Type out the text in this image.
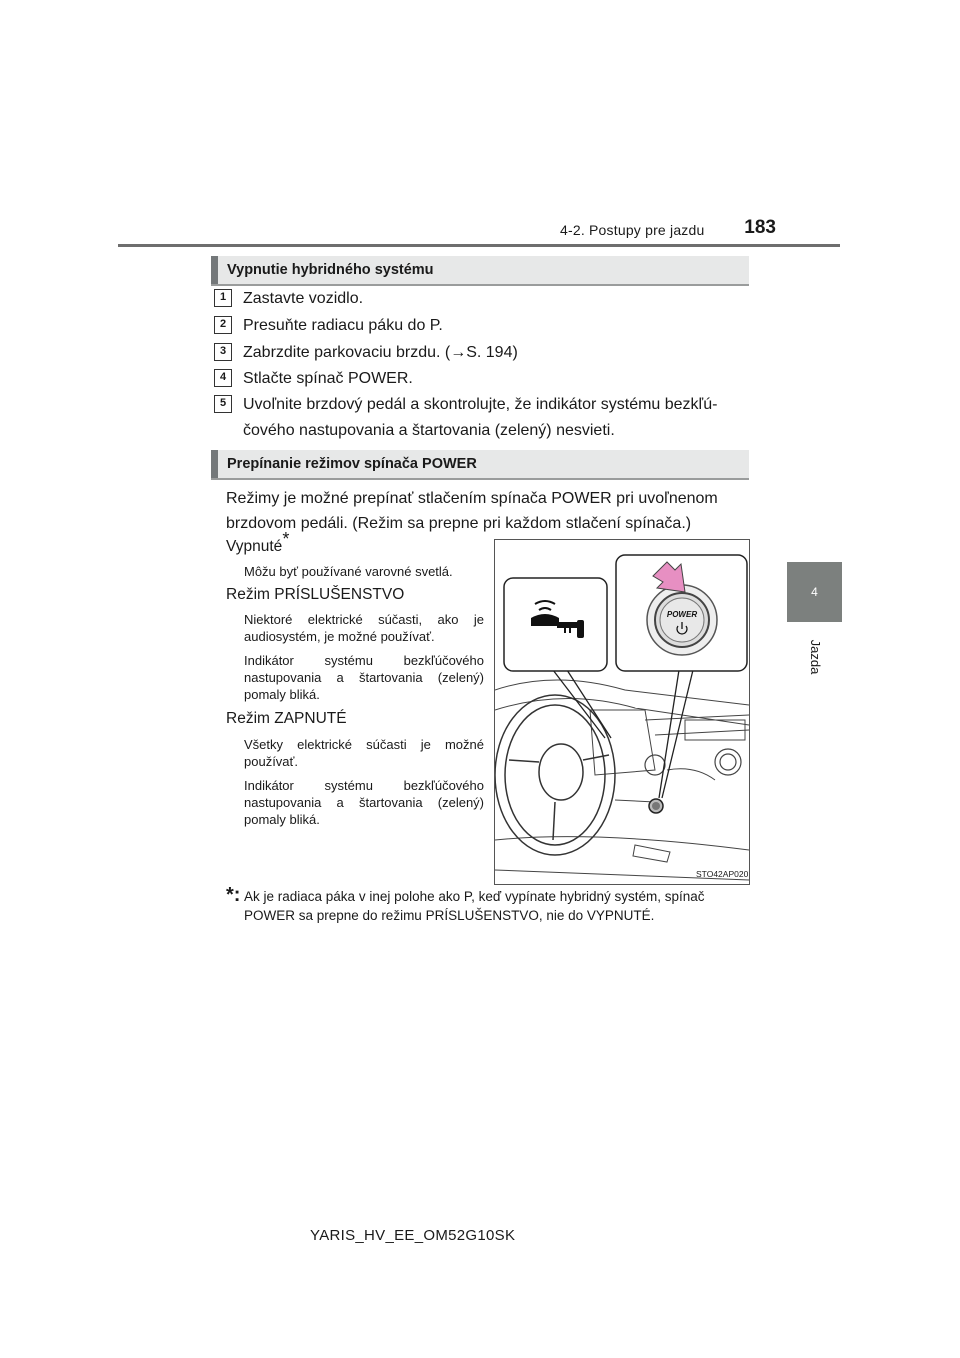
4-2. Postupy pre jazdu	183
4
Jazda
Vypnutie hybridného systému
1	Zastavte vozidlo.
2	Presuňte radiacu páku do P.
3	Zabrzdite parkovaciu brzdu. (→S. 194)
4	Stlačte spínač POWER.
5	Uvoľnite brzdový pedál a skontrolujte, že indikátor systému bezkľú-
čového nastupovania a štartovania (zelený) nesvieti.
Prepínanie režimov spínača POWER
Režimy je možné prepínať stlačením spínača POWER pri uvoľnenom
brzdovom pedáli. (Režim sa prepne pri každom stlačení spínača.)
Vypnuté*
Môžu byť používané varovné svetlá.
Režim PRÍSLUŠENSTVO
Niektoré elektrické súčasti, ako je audiosystém, je možné používať.
Indikátor systému bezkľúčového nastupovania a štartovania (zelený) pomaly bliká.
Režim ZAPNUTÉ
Všetky elektrické súčasti je možné používať.
Indikátor systému bezkľúčového nastupovania a štartovania (zelený) pomaly bliká.
POWER
STO42AP020
*: Ak je radiaca páka v inej polohe ako P, keď vypínate hybridný systém, spínač POWER sa prepne do režimu PRÍSLUŠENSTVO, nie do VYPNUTÉ.
YARIS_HV_EE_OM52G10SK
